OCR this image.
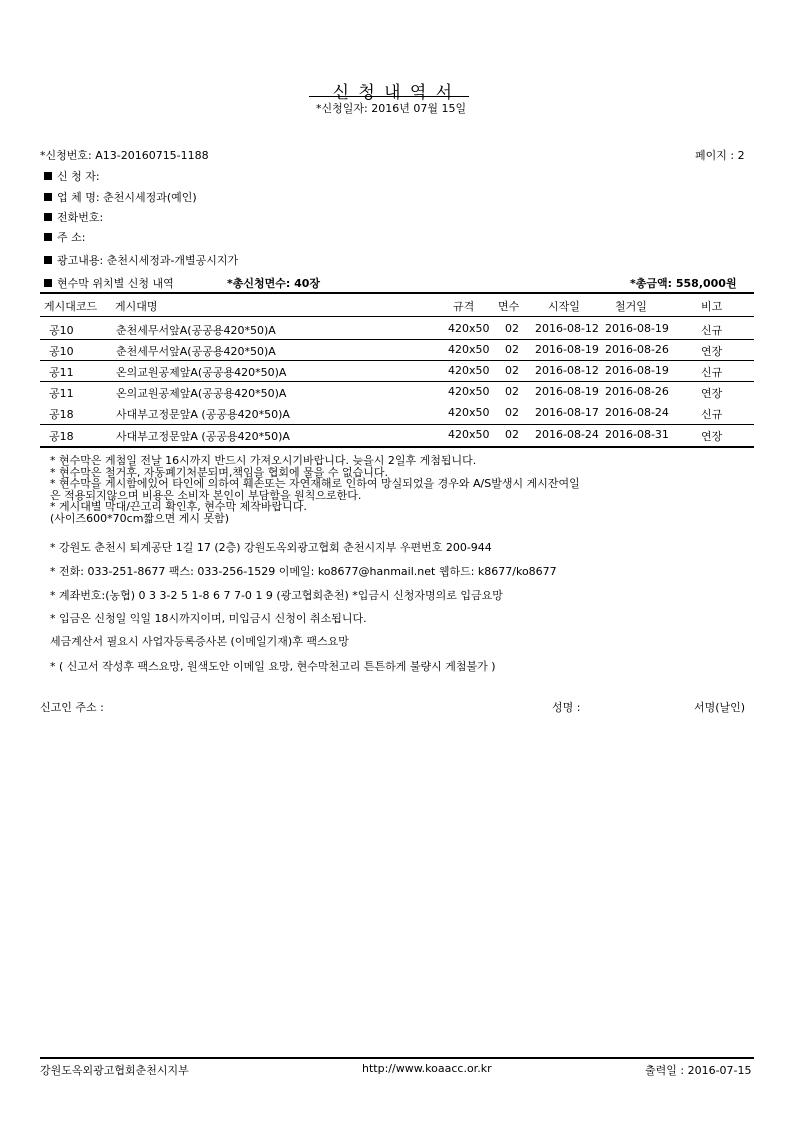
신청내역서
*신청일자: 2016년 07월 15일
*신청번호: A13-20160715-1188	페이지 : 2
신 청 자:
업 체 명: 춘천시세정과(예인)
전화번호:
주 소:
광고내용: 춘천시세정과-개별공시지가
현수막 위치별 신청 내역	*총신청면수: 40장	*총금액: 558,000원
게시대코드 게시대명	규격 면수	시작일	철거일	비고
공10	춘천세무서앞A(공공용420*50)A	420x50 02 2016-08-12 2016-08-19	신규
공10	춘천세무서앞A(공공용420*50)A	420x50 02 2016-08-19 2016-08-26	연장
공11	온의교원공제앞A(공공용420*50)A	420x50 02 2016-08-12 2016-08-19	신규
공11	온의교원공제앞A(공공용420*50)A	420x50 02 2016-08-19 2016-08-26	연장
공18	사대부고정문앞A (공공용420*50)A	420x50 02 2016-08-17 2016-08-24	신규
공18	사대부고정문앞A (공공용420*50)A	420x50 02 2016-08-24 2016-08-31	연장
* 현수막은 게첨일 전날 16시까지 반드시 가져오시기바랍니다. 늦을시 2일후 게첨됩니다.
* 현수막은 철거후, 자동폐기처분되며,책임을 협회에 물을 수 없습니다.
* 현수막을 게시함에있어 타인에 의하여 훼손또는 자연재해로 인하여 망실되었을 경우와 A/S발생시 게시잔여일
은 적용되지않으며 비용은 소비자 본인이 부담함을 원칙으로한다.
* 게시대별 막대/끈고리 확인후, 현수막 제작바랍니다.
(사이즈600*70cm짧으면 게시 못함)
* 강원도 춘천시 퇴계공단 1길 17 (2층) 강원도옥외광고협회 춘천시지부 우편번호 200-944
* 전화: 033-251-8677 팩스: 033-256-1529 이메일: ko8677@hanmail.net 웹하드: k8677/ko8677
* 계좌번호:(농협) 0 3 3-2 5 1-8 6 7 7-0 1 9 (광고협회춘천) *입금시 신청자명의로 입금요망
* 입금은 신청일 익일 18시까지이며, 미입금시 신청이 취소됩니다.
세금계산서 필요시 사업자등록증사본 (이메일기재)후 팩스요망
* ( 신고서 작성후 팩스요망, 원색도안 이메일 요망, 현수막천고리 튼튼하게 불량시 게첨불가 )
신고인 주소 :	성명 :	서명(날인)
강원도옥외광고협회춘천시지부	http://www.koaacc.or.kr	출력일 : 2016-07-15
